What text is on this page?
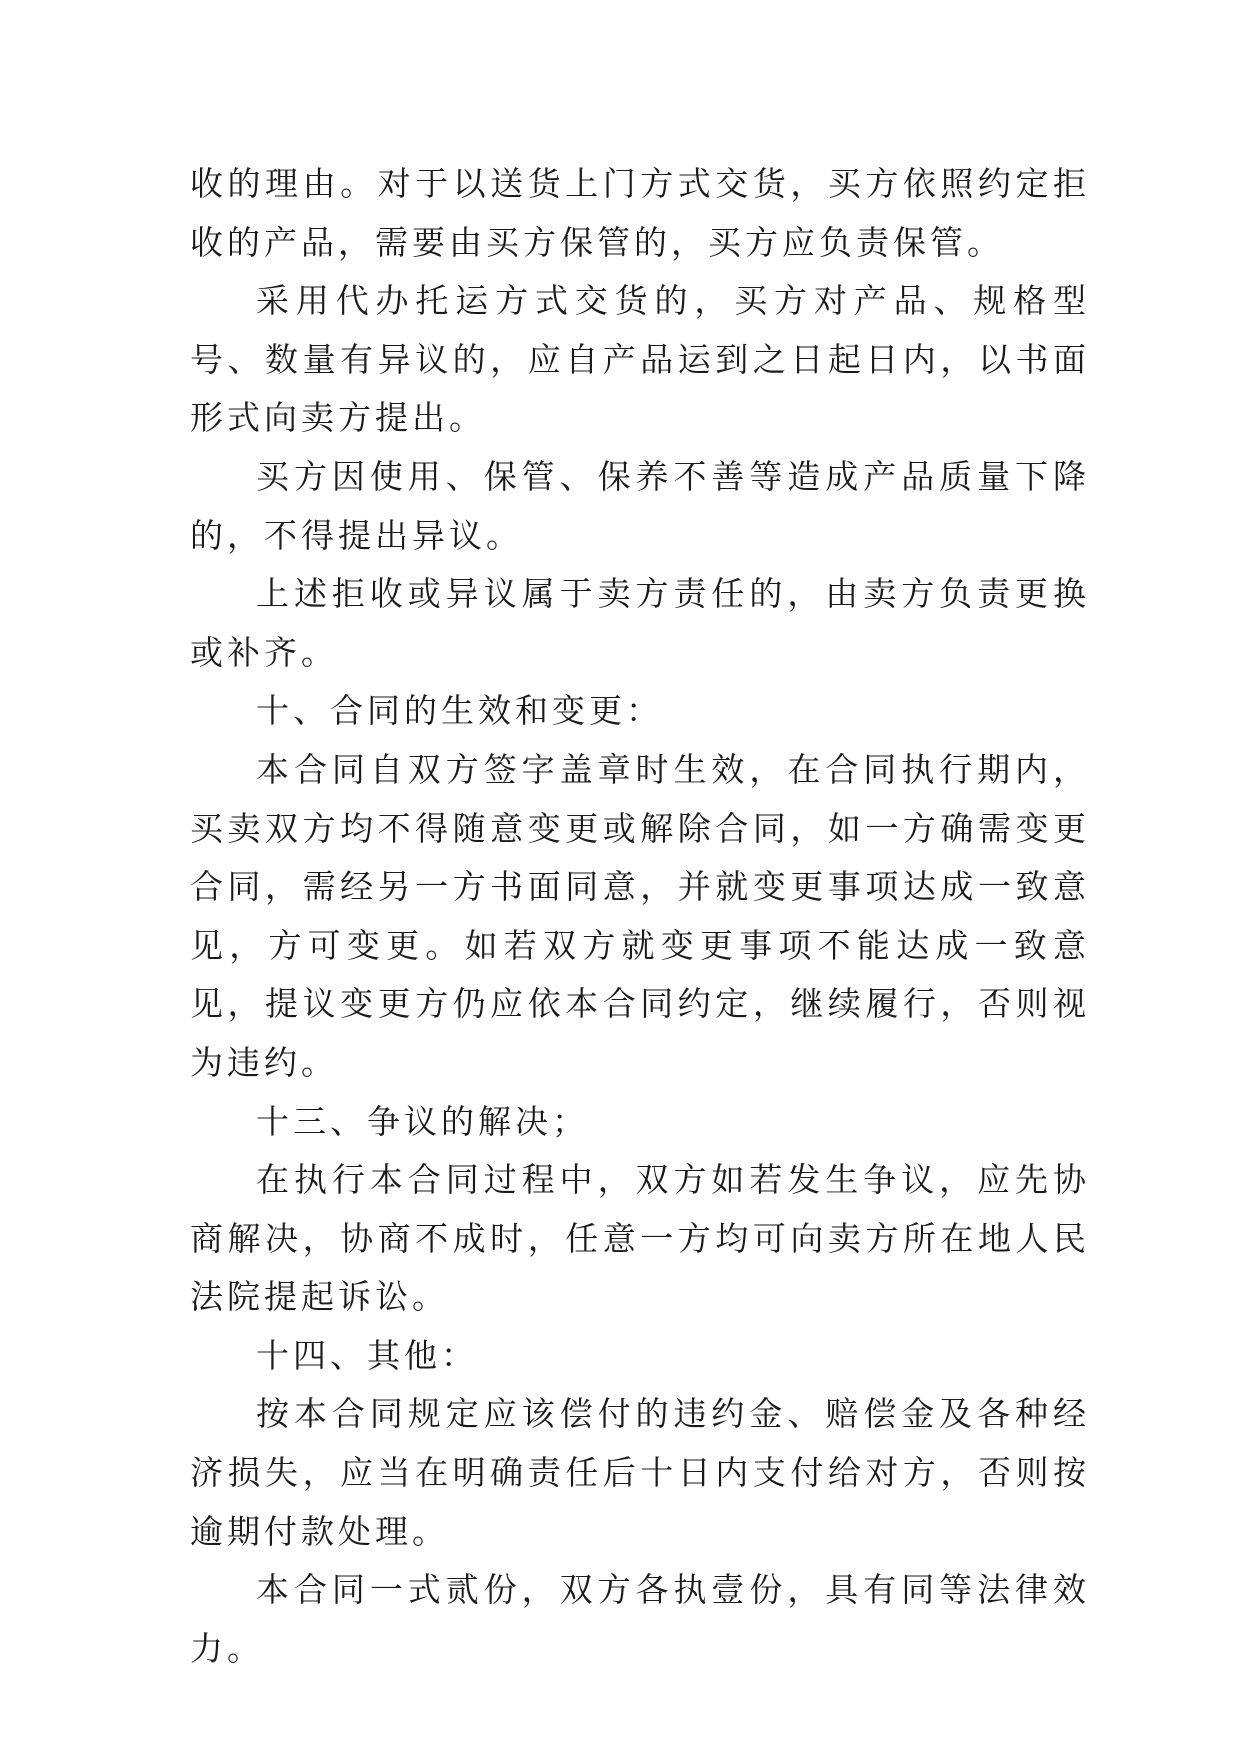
收的理由。对于以送货上门方式交货，买方依照约定拒收的产品，需要由买方保管的，买方应负责保管。

采用代办托运方式交货的，买方对产品、规格型号、数量有异议的，应自产品运到之日起日内，以书面形式向卖方提出。

买方因使用、保管、保养不善等造成产品质量下降的，不得提出异议。

上述拒收或异议属于卖方责任的，由卖方负责更换或补齐。

十、合同的生效和变更：

本合同自双方签字盖章时生效，在合同执行期内，买卖双方均不得随意变更或解除合同，如一方确需变更合同，需经另一方书面同意，并就变更事项达成一致意见，方可变更。如若双方就变更事项不能达成一致意见，提议变更方仍应依本合同约定，继续履行，否则视为违约。

十三、争议的解决；

在执行本合同过程中，双方如若发生争议，应先协商解决，协商不成时，任意一方均可向卖方所在地人民法院提起诉讼。

十四、其他：

按本合同规定应该偿付的违约金、赔偿金及各种经济损失，应当在明确责任后十日内支付给对方，否则按逾期付款处理。

本合同一式贰份，双方各执壹份，具有同等法律效力。
